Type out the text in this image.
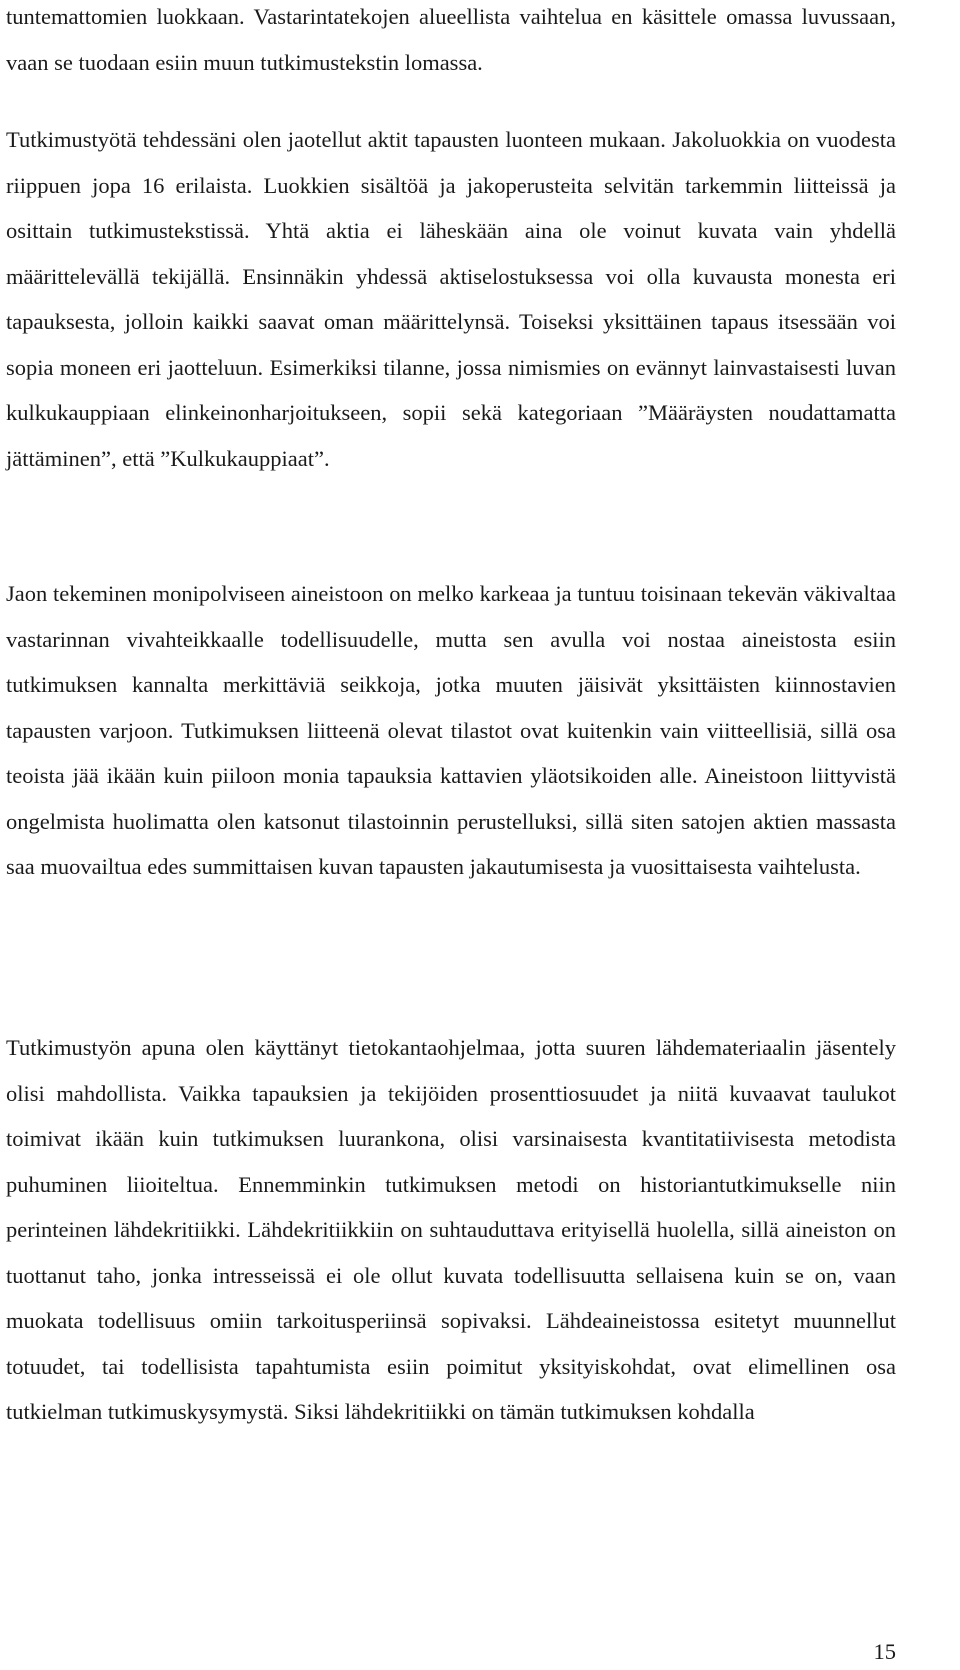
tuntemattomien luokkaan. Vastarintatekojen alueellista vaihtelua en käsittele omassa luvussaan, vaan se tuodaan esiin muun tutkimustekstin lomassa.

Tutkimustyötä tehdessäni olen jaotellut aktit tapausten luonteen mukaan. Jakoluokkia on vuodesta riippuen jopa 16 erilaista. Luokkien sisältöä ja jakoperusteita selvitän tarkemmin liitteissä ja osittain tutkimustekstissä. Yhtä aktia ei läheskään aina ole voinut kuvata vain yhdellä määrittelevällä tekijällä. Ensinnäkin yhdessä aktiselostuksessa voi olla kuvausta monesta eri tapauksesta, jolloin kaikki saavat oman määrittelynsä. Toiseksi yksittäinen tapaus itsessään voi sopia moneen eri jaotteluun. Esimerkiksi tilanne, jossa nimismies on evännyt lainvastaisesti luvan kulkukauppiaan elinkeinonharjoitukseen, sopii sekä kategoriaan ”Määräysten noudattamatta jättäminen”, että ”Kulkukauppiaat”.

Jaon tekeminen monipolviseen aineistoon on melko karkeaa ja tuntuu toisinaan tekevän väkivaltaa vastarinnan vivahteikkaalle todellisuudelle, mutta sen avulla voi nostaa aineistosta esiin tutkimuksen kannalta merkittäviä seikkoja, jotka muuten jäisivät yksittäisten kiinnostavien tapausten varjoon. Tutkimuksen liitteenä olevat tilastot ovat kuitenkin vain viitteellisiä, sillä osa teoista jää ikään kuin piiloon monia tapauksia kattavien yläotsikoiden alle. Aineistoon liittyvistä ongelmista huolimatta olen katsonut tilastoinnin perustelluksi, sillä siten satojen aktien massasta saa muovailtua edes summittaisen kuvan tapausten jakautumisesta ja vuosittaisesta vaihtelusta.

Tutkimustyön apuna olen käyttänyt tietokantaohjelmaa, jotta suuren lähdemateriaalin jäsentely olisi mahdollista. Vaikka tapauksien ja tekijöiden prosenttiosuudet ja niitä kuvaavat taulukot toimivat ikään kuin tutkimuksen luurankona, olisi varsinaisesta kvantitatiivisesta metodista puhuminen liioiteltua. Ennemminkin tutkimuksen metodi on historiantutkimukselle niin perinteinen lähdekritiikki. Lähdekritiikkiin on suhtauduttava erityisellä huolella, sillä aineiston on tuottanut taho, jonka intresseissä ei ole ollut kuvata todellisuutta sellaisena kuin se on, vaan muokata todellisuus omiin tarkoitusperiinsä sopivaksi. Lähdeaineistossa esitetyt muunnellut totuudet, tai todellisista tapahtumista esiin poimitut yksityiskohdat, ovat elimellinen osa tutkielman tutkimuskysymystä. Siksi lähdekritiikki on tämän tutkimuksen kohdalla

15
